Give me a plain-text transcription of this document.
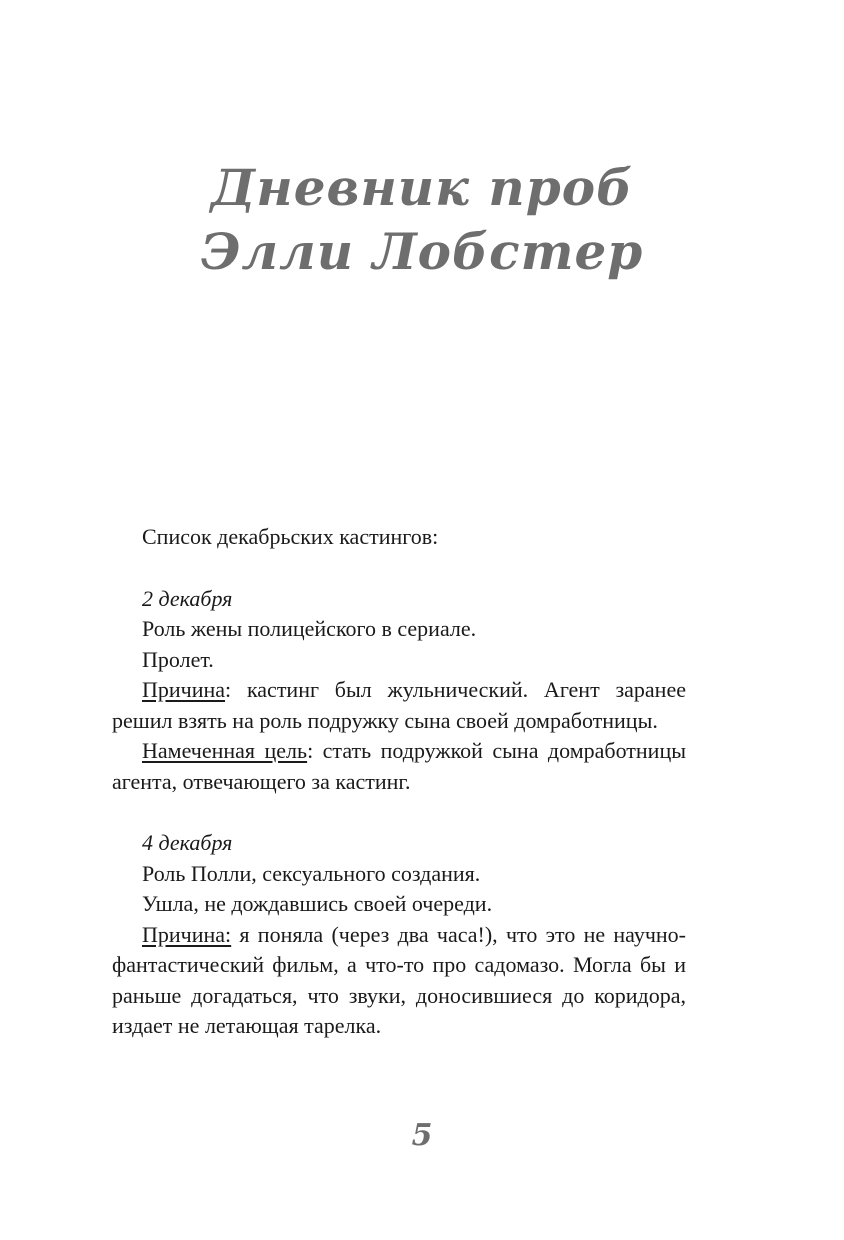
Дневник проб
Элли Лобстер

Список декабрьских кастингов:

2 декабря

Роль жены полицейского в сериале.

Пролет.

Причина: кастинг был жульнический. Агент заранее решил взять на роль подружку сына своей домработницы.

Намеченная цель: стать подружкой сына домработницы агента, отвечающего за кастинг.

4 декабря

Роль Полли, сексуального создания.

Ушла, не дождавшись своей очереди.

Причина: я поняла (через два часа!), что это не научно-фантастический фильм, а что-то про садомазо. Могла бы и раньше догадаться, что звуки, доносившиеся до коридора, издает не летающая тарелка.

5
